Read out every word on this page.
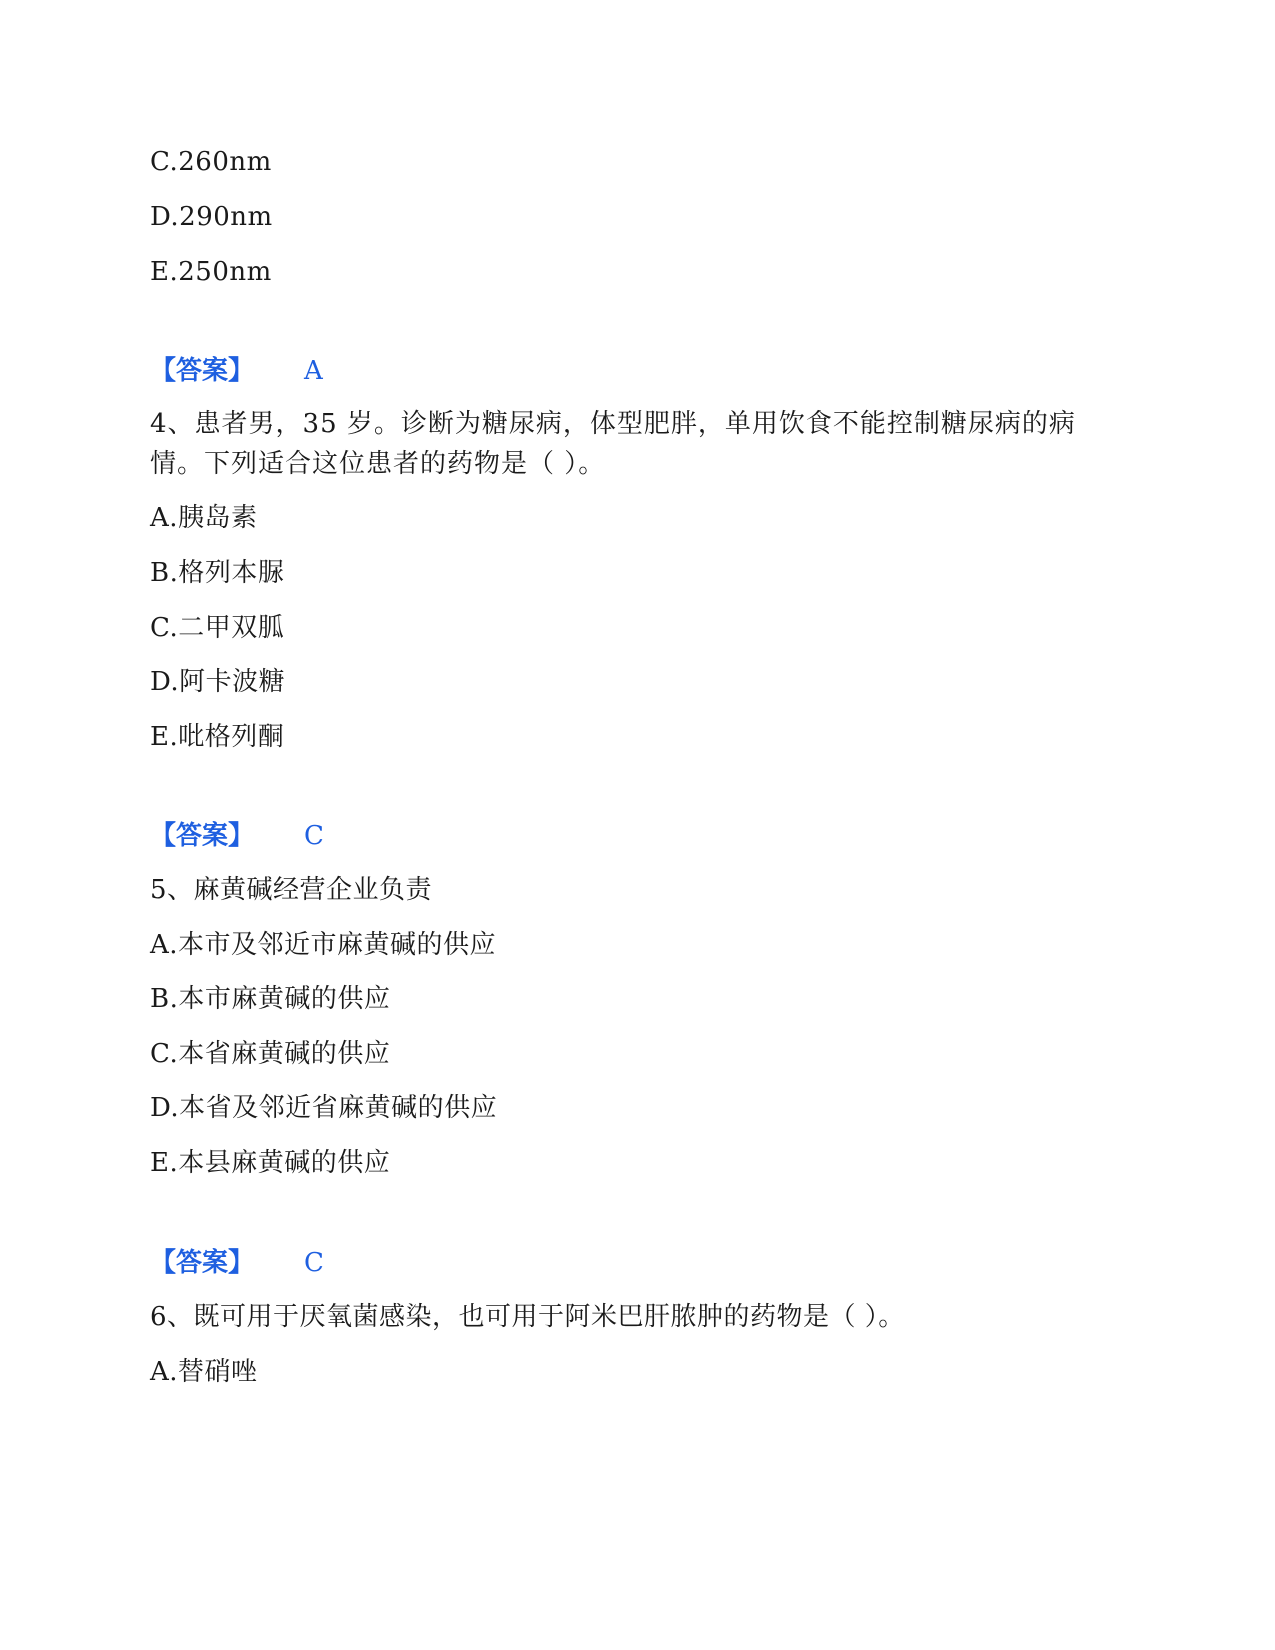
C.260nm
D.290nm
E.250nm
【答案】 A
4、患者男，35 岁。诊断为糖尿病，体型肥胖，单用饮食不能控制糖尿病的病情。下列适合这位患者的药物是（ ）。
A.胰岛素
B.格列本脲
C.二甲双胍
D.阿卡波糖
E.吡格列酮
【答案】 C
5、麻黄碱经营企业负责
A.本市及邻近市麻黄碱的供应
B.本市麻黄碱的供应
C.本省麻黄碱的供应
D.本省及邻近省麻黄碱的供应
E.本县麻黄碱的供应
【答案】 C
6、既可用于厌氧菌感染，也可用于阿米巴肝脓肿的药物是（ ）。
A.替硝唑
